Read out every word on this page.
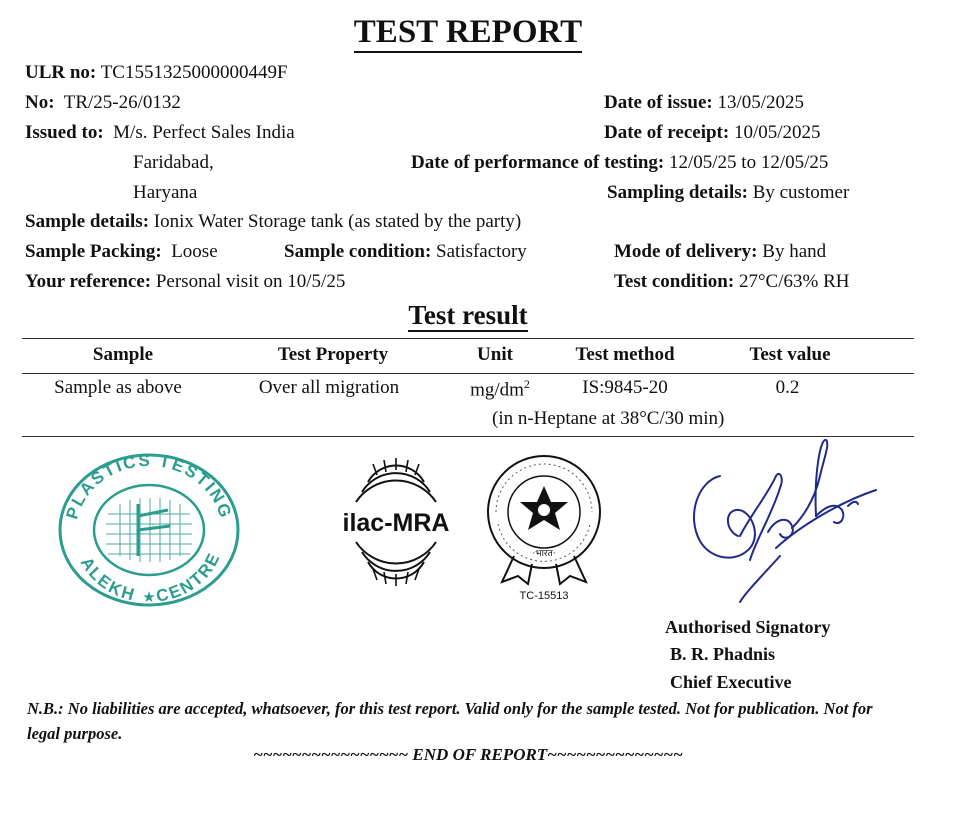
TEST REPORT
ULR no: TC1551325000000449F
No: TR/25-26/0132
Issued to: M/s. Perfect Sales India
Faridabad,
Haryana
Date of issue: 13/05/2025
Date of receipt: 10/05/2025
Date of performance of testing: 12/05/25 to 12/05/25
Sampling details: By customer
Sample details: Ionix Water Storage tank (as stated by the party)
Sample Packing: Loose	Sample condition: Satisfactory	Mode of delivery: By hand
Your reference: Personal visit on 10/5/25	Test condition: 27°C/63% RH
Test result
Sample	Test Property	Unit	Test method	Test value
Sample as above	Over all migration	$mg/dm^2$	IS:9845-20	0.2
(in n-Heptane at 38°C/30 min)
PLASTICS TESTING
ALEKH CENTRE
★
ilac-MRA
·भारत·
TC-15513
Authorised Signatory
B. R. Phadnis
Chief Executive
N.B.: No liabilities are accepted, whatsoever, for this test report. Valid only for the sample tested. Not for publication. Not for legal purpose.
~~~~~~~~~~~~~~~~ END OF REPORT~~~~~~~~~~~~~~
